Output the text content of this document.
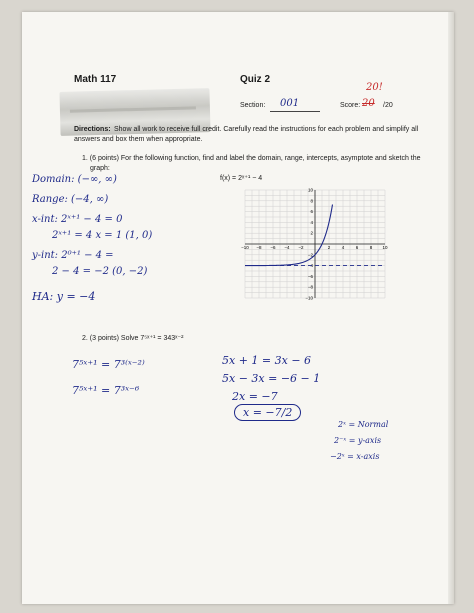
Math 117	Quiz 2
Section: 001	Score: 20 /20
20!
Directions: Show all work to receive full credit. Carefully read the instructions for each problem and simplify all
answers and box them when appropriate.
1. (6 points) For the following function, find and label the domain, range, intercepts, asymptote and sketch the
graph:
f(x) = 2ˣ⁺¹ − 4
Domain: (−∞, ∞)
Range: (−4, ∞)
x-int: 2ˣ⁺¹ − 4 = 0
2ˣ⁺¹ = 4 x = 1 (1, 0)
y-int: 2⁰⁺¹ − 4 =
2 − 4 = −2 (0, −2)
HA: y = −4
−10 −8 −6 −4 −2	2	4	6	8 10
10
8
6
4
2
−2
−4
−6
−8
−10
2. (3 points) Solve 7⁵ˣ⁺¹ = 343ˣ⁻²
7⁵ˣ⁺¹ = 7³⁽ˣ⁻²⁾
7⁵ˣ⁺¹ = 7³ˣ⁻⁶
5x + 1 = 3x − 6
5x − 3x = −6 − 1
2x = −7
x = −7/2
2ˣ = Normal
2⁻ˣ = y-axis
−2ˣ = x-axis
